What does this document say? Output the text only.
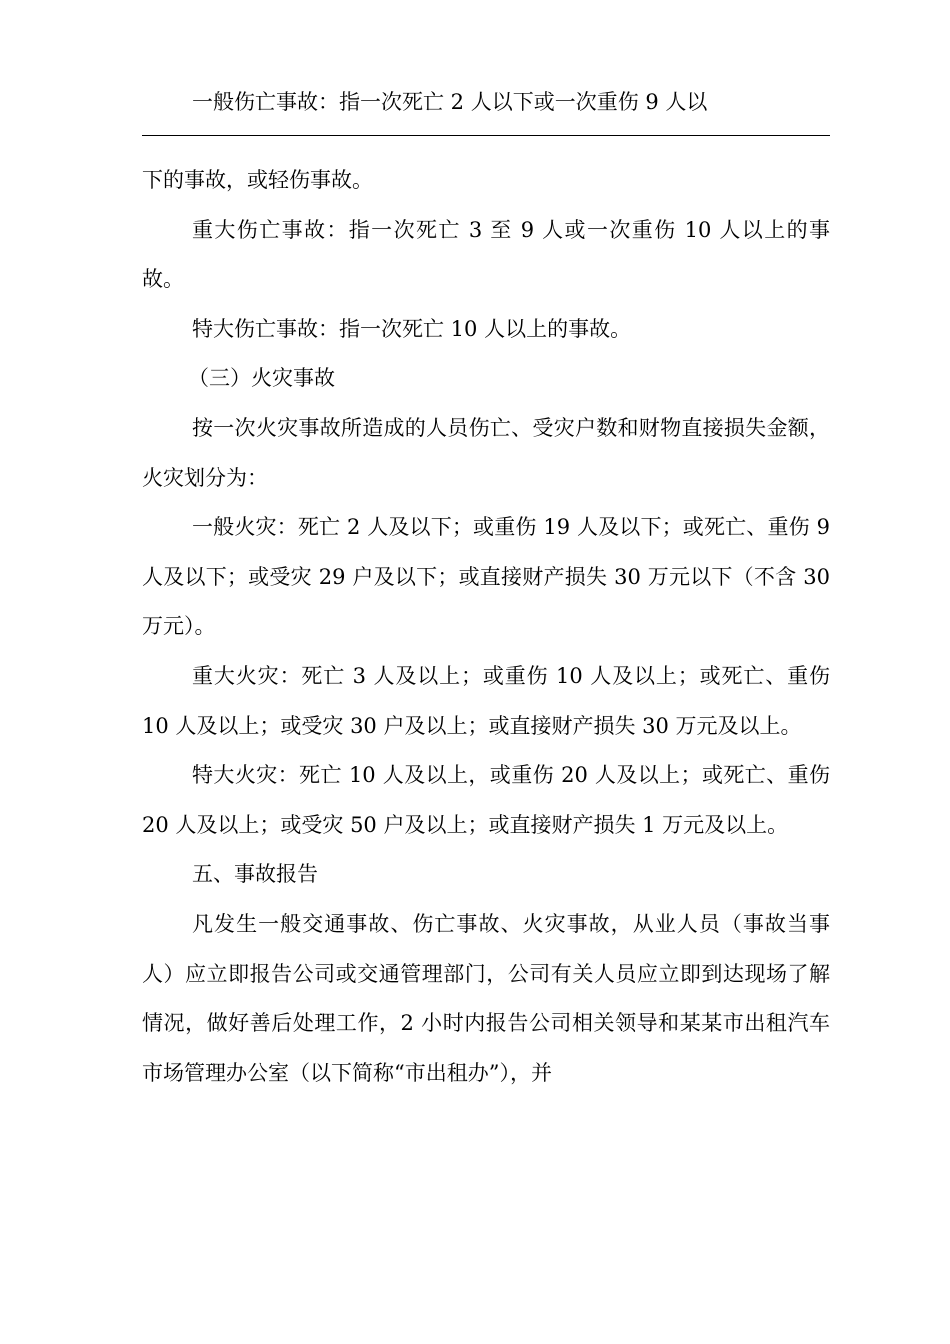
一般伤亡事故：指一次死亡 2 人以下或一次重伤 9 人以

下的事故，或轻伤事故。

重大伤亡事故：指一次死亡 3 至 9 人或一次重伤 10 人以上的事故。

特大伤亡事故：指一次死亡 10 人以上的事故。

（三）火灾事故

按一次火灾事故所造成的人员伤亡、受灾户数和财物直接损失金额，火灾划分为：

一般火灾：死亡 2 人及以下；或重伤 19 人及以下；或死亡、重伤 9 人及以下；或受灾 29 户及以下；或直接财产损失 30 万元以下（不含 30 万元）。

重大火灾：死亡 3 人及以上；或重伤 10 人及以上；或死亡、重伤 10 人及以上；或受灾 30 户及以上；或直接财产损失 30 万元及以上。

特大火灾：死亡 10 人及以上，或重伤 20 人及以上；或死亡、重伤 20 人及以上；或受灾 50 户及以上；或直接财产损失 1 万元及以上。

五、事故报告

凡发生一般交通事故、伤亡事故、火灾事故，从业人员（事故当事人）应立即报告公司或交通管理部门，公司有关人员应立即到达现场了解情况，做好善后处理工作，2 小时内报告公司相关领导和某某市出租汽车市场管理办公室（以下简称“市出租办”），并
